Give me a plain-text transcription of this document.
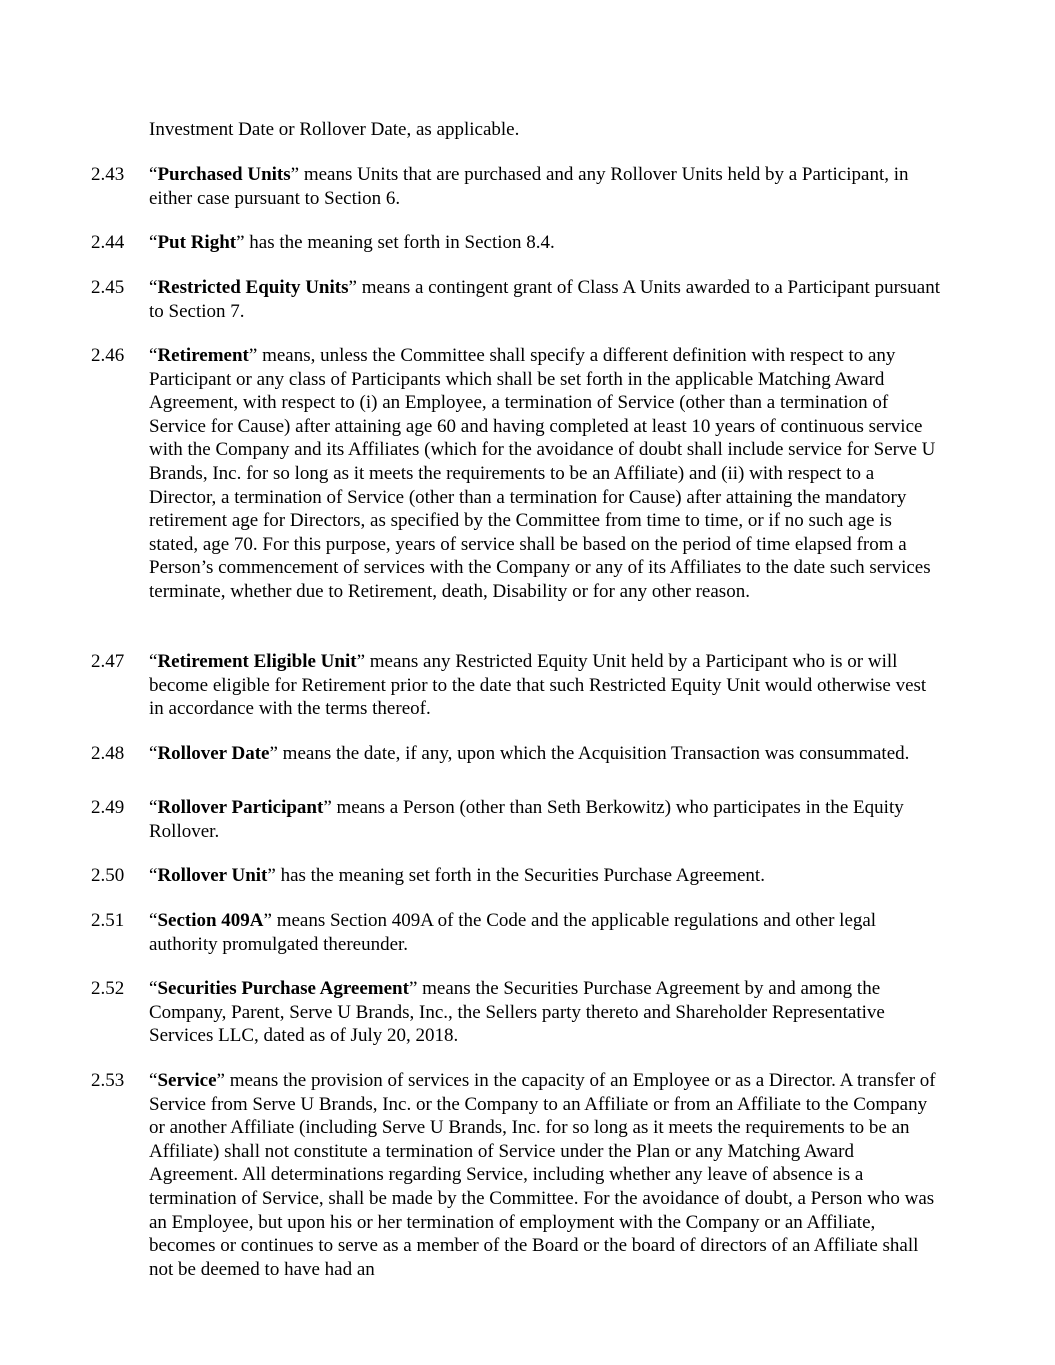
Investment Date or Rollover Date, as applicable.

2.43	“Purchased Units” means Units that are purchased and any Rollover Units held by a Participant, in either case pursuant to Section 6.
2.44	“Put Right” has the meaning set forth in Section 8.4.
2.45	“Restricted Equity Units” means a contingent grant of Class A Units awarded to a Participant pursuant to Section 7.
2.46	“Retirement” means, unless the Committee shall specify a different definition with respect to any Participant or any class of Participants which shall be set forth in the applicable Matching Award Agreement, with respect to (i) an Employee, a termination of Service (other than a termination of Service for Cause) after attaining age 60 and having completed at least 10 years of continuous service with the Company and its Affiliates (which for the avoidance of doubt shall include service for Serve U Brands, Inc. for so long as it meets the requirements to be an Affiliate) and (ii) with respect to a Director, a termination of Service (other than a termination for Cause) after attaining the mandatory retirement age for Directors, as specified by the Committee from time to time, or if no such age is stated, age 70. For this purpose, years of service shall be based on the period of time elapsed from a Person’s commencement of services with the Company or any of its Affiliates to the date such services terminate, whether due to Retirement, death, Disability or for any other reason.
2.47	“Retirement Eligible Unit” means any Restricted Equity Unit held by a Participant who is or will become eligible for Retirement prior to the date that such Restricted Equity Unit would otherwise vest in accordance with the terms thereof.
2.48	“Rollover Date” means the date, if any, upon which the Acquisition Transaction was consummated.
2.49	“Rollover Participant” means a Person (other than Seth Berkowitz) who participates in the Equity Rollover.
2.50	“Rollover Unit” has the meaning set forth in the Securities Purchase Agreement.
2.51	“Section 409A” means Section 409A of the Code and the applicable regulations and other legal authority promulgated thereunder.
2.52	“Securities Purchase Agreement” means the Securities Purchase Agreement by and among the Company, Parent, Serve U Brands, Inc., the Sellers party thereto and Shareholder Representative Services LLC, dated as of July 20, 2018.
2.53	“Service” means the provision of services in the capacity of an Employee or as a Director. A transfer of Service from Serve U Brands, Inc. or the Company to an Affiliate or from an Affiliate to the Company or another Affiliate (including Serve U Brands, Inc. for so long as it meets the requirements to be an Affiliate) shall not constitute a termination of Service under the Plan or any Matching Award Agreement. All determinations regarding Service, including whether any leave of absence is a termination of Service, shall be made by the Committee. For the avoidance of doubt, a Person who was an Employee, but upon his or her termination of employment with the Company or an Affiliate, becomes or continues to serve as a member of the Board or the board of directors of an Affiliate shall not be deemed to have had an
